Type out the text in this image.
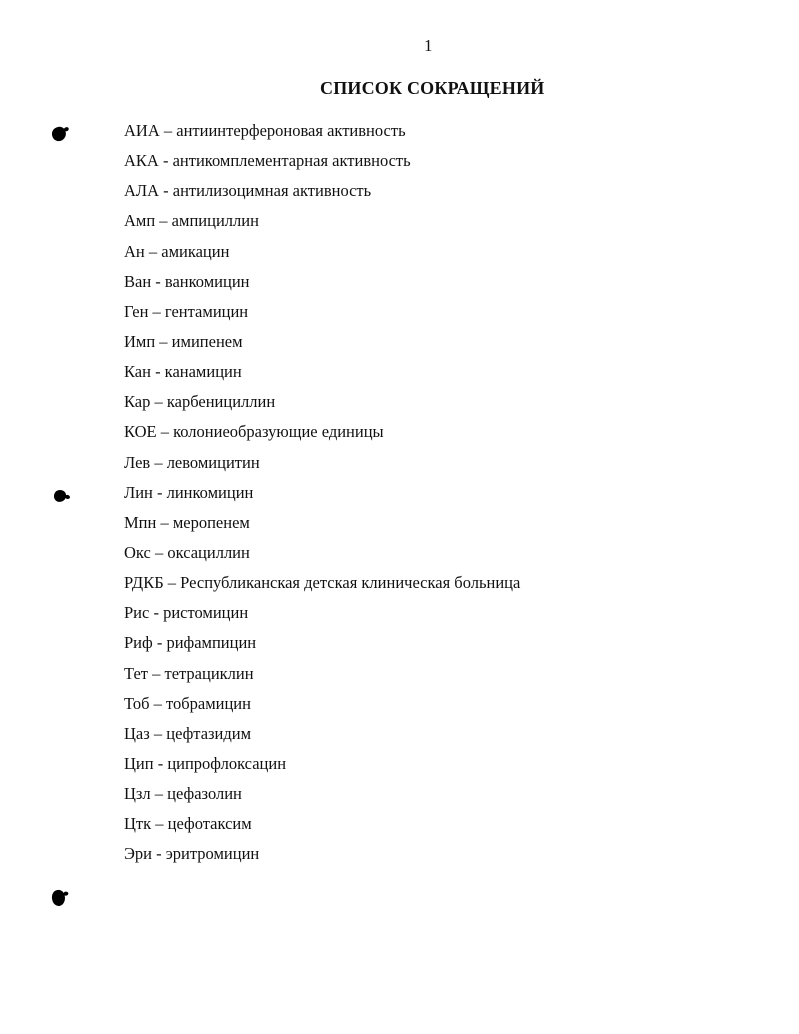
1
СПИСОК СОКРАЩЕНИЙ
АИА – антиинтерфероновая активность
АКА - антикомплементарная активность
АЛА - антилизоцимная активность
Амп – ампициллин
Ан – амикацин
Ван - ванкомицин
Ген – гентамицин
Имп – имипенем
Кан - канамицин
Кар – карбенициллин
КОЕ – колониеобразующие единицы
Лев – левомицитин
Лин - линкомицин
Мпн – меропенем
Окс – оксациллин
РДКБ – Республиканская детская клиническая больница
Рис - ристомицин
Риф - рифампицин
Тет – тетрациклин
Тоб – тобрамицин
Цаз – цефтазидим
Цип - ципрофлоксацин
Цзл – цефазолин
Цтк – цефотаксим
Эри - эритромицин
